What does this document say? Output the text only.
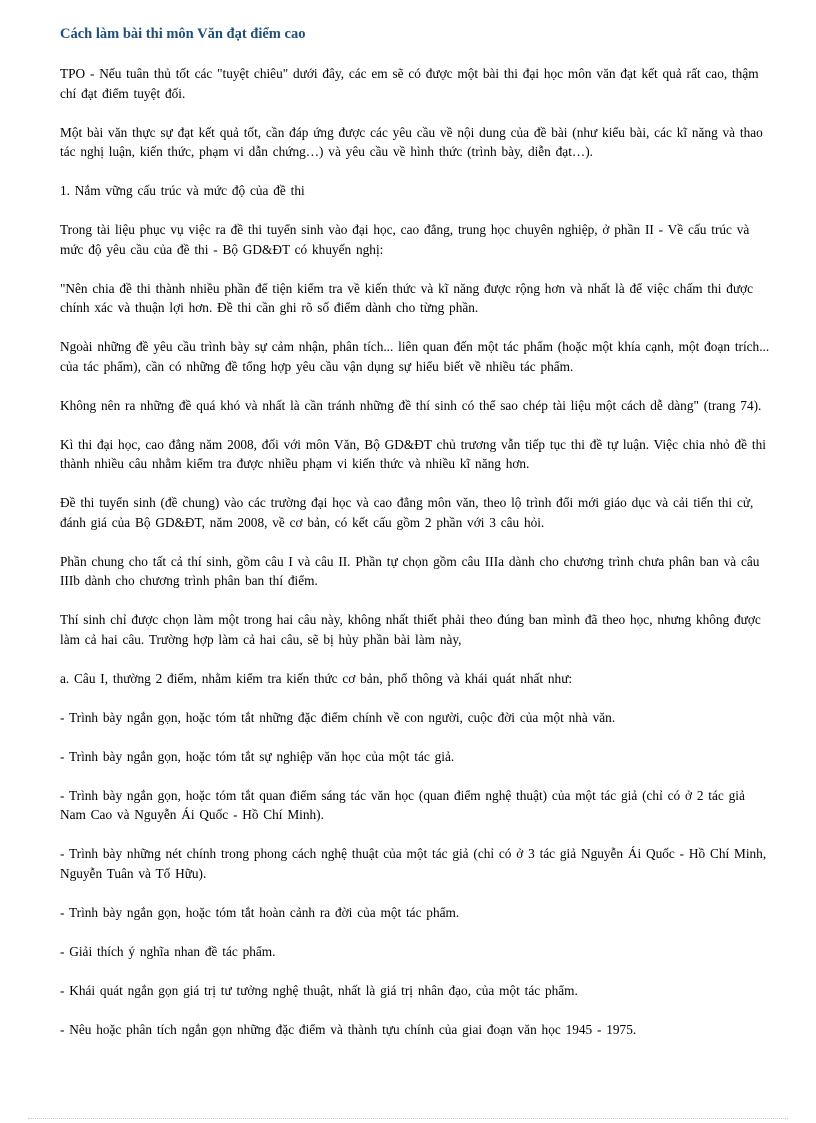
Cách làm bài thi môn Văn đạt điểm cao

TPO - Nếu tuân thủ tốt các "tuyệt chiêu" dưới đây, các em sẽ có được một bài thi đại học môn văn đạt kết quả rất cao, thậm chí đạt điểm tuyệt đối.

Một bài văn thực sự đạt kết quả tốt, cần đáp ứng được các yêu cầu về nội dung của đề bài (như kiểu bài, các kĩ năng và thao tác nghị luận, kiến thức, phạm vi dẫn chứng…) và yêu cầu về hình thức (trình bày, diễn đạt…).

1. Nắm vững cấu trúc và mức độ của đề thi

Trong tài liệu phục vụ việc ra đề thi tuyển sinh vào đại học, cao đẳng, trung học chuyên nghiệp, ở phần II - Về cấu trúc và mức độ yêu cầu của đề thi - Bộ GD&ĐT có khuyến nghị:

"Nên chia đề thi thành nhiều phần để tiện kiểm tra về kiến thức và kĩ năng được rộng hơn và nhất là để việc chấm thi được chính xác và thuận lợi hơn. Đề thi cần ghi rõ số điểm dành cho từng phần.

Ngoài những đề yêu cầu trình bày sự cảm nhận, phân tích... liên quan đến một tác phẩm (hoặc một khía cạnh, một đoạn trích... của tác phẩm), cần có những đề tổng hợp yêu cầu vận dụng sự hiểu biết về nhiều tác phẩm.

Không nên ra những đề quá khó và nhất là cần tránh những đề thí sinh có thể sao chép tài liệu một cách dễ dàng" (trang 74).

Kì thi đại học, cao đẳng năm 2008, đối với môn Văn, Bộ GD&ĐT chủ trương vẫn tiếp tục thi đề tự luận. Việc chia nhỏ đề thi thành nhiều câu nhằm kiểm tra được nhiều phạm vi kiến thức và nhiều kĩ năng hơn.

Đề thi tuyển sinh (đề chung) vào các trường đại học và cao đẳng môn văn, theo lộ trình đổi mới giáo dục và cải tiến thi cử, đánh giá của Bộ GD&ĐT, năm 2008, về cơ bản, có kết cấu gồm 2 phần với 3 câu hỏi.

Phần chung cho tất cả thí sinh, gồm câu I và câu II. Phần tự chọn gồm câu IIIa dành cho chương trình chưa phân ban và câu IIIb dành cho chương trình phân ban thí điểm.

Thí sinh chỉ được chọn làm một trong hai câu này, không nhất thiết phải theo đúng ban mình đã theo học, nhưng không được làm cả hai câu. Trường hợp làm cả hai câu, sẽ bị hủy phần bài làm này,

a. Câu I, thường 2 điểm, nhằm kiểm tra kiến thức cơ bản, phổ thông và khái quát nhất như:

- Trình bày ngắn gọn, hoặc tóm tắt những đặc điểm chính về con người, cuộc đời của một nhà văn.

- Trình bày ngắn gọn, hoặc tóm tắt sự nghiệp văn học của một tác giả.

- Trình bày ngắn gọn, hoặc tóm tắt quan điểm sáng tác văn học (quan điểm nghệ thuật) của một tác giả (chỉ có ở 2 tác giả Nam Cao và Nguyễn Ái Quốc - Hồ Chí Minh).

- Trình bày những nét chính trong phong cách nghệ thuật của một tác giả (chỉ có ở 3 tác giả Nguyễn Ái Quốc - Hồ Chí Minh, Nguyễn Tuân và Tố Hữu).

- Trình bày ngắn gọn, hoặc tóm tắt hoàn cảnh ra đời của một tác phẩm.

- Giải thích ý nghĩa nhan đề tác phẩm.

- Khái quát ngắn gọn giá trị tư tưởng nghệ thuật, nhất là giá trị nhân đạo, của một tác phẩm.

- Nêu hoặc phân tích ngắn gọn những đặc điểm và thành tựu chính của giai đoạn văn học 1945 - 1975.
